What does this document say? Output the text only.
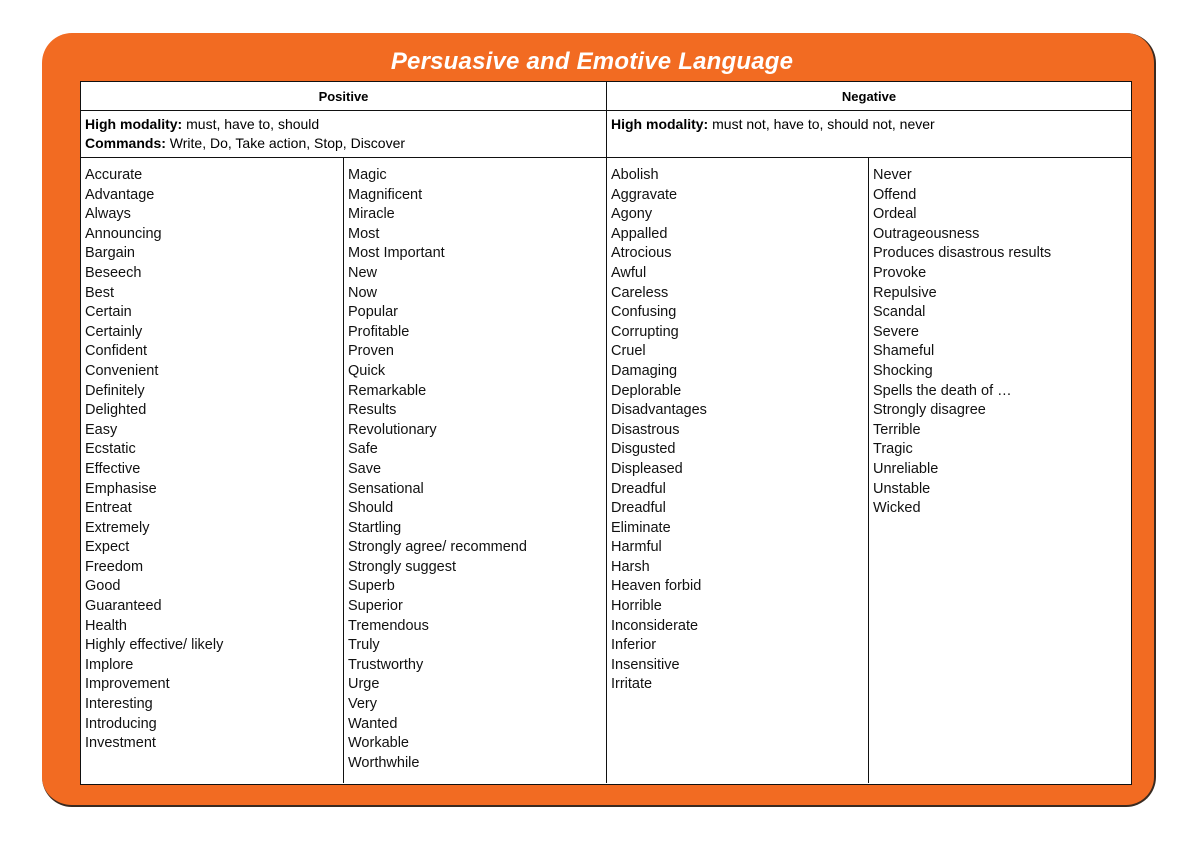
Persuasive and Emotive Language
Positive	Negative
High modality: must, have to, should
Commands: Write, Do, Take action, Stop, Discover
High modality: must not, have to, should not, never
Accurate
Advantage
Always
Announcing
Bargain
Beseech
Best
Certain
Certainly
Confident
Convenient
Definitely
Delighted
Easy
Ecstatic
Effective
Emphasise
Entreat
Extremely
Expect
Freedom
Good
Guaranteed
Health
Highly effective/ likely
Implore
Improvement
Interesting
Introducing
Investment
Magic
Magnificent
Miracle
Most
Most Important
New
Now
Popular
Profitable
Proven
Quick
Remarkable
Results
Revolutionary
Safe
Save
Sensational
Should
Startling
Strongly agree/ recommend
Strongly suggest
Superb
Superior
Tremendous
Truly
Trustworthy
Urge
Very
Wanted
Workable
Worthwhile
Abolish
Aggravate
Agony
Appalled
Atrocious
Awful
Careless
Confusing
Corrupting
Cruel
Damaging
Deplorable
Disadvantages
Disastrous
Disgusted
Displeased
Dreadful
Dreadful
Eliminate
Harmful
Harsh
Heaven forbid
Horrible
Inconsiderate
Inferior
Insensitive
Irritate
Never
Offend
Ordeal
Outrageousness
Produces disastrous results
Provoke
Repulsive
Scandal
Severe
Shameful
Shocking
Spells the death of …
Strongly disagree
Terrible
Tragic
Unreliable
Unstable
Wicked
